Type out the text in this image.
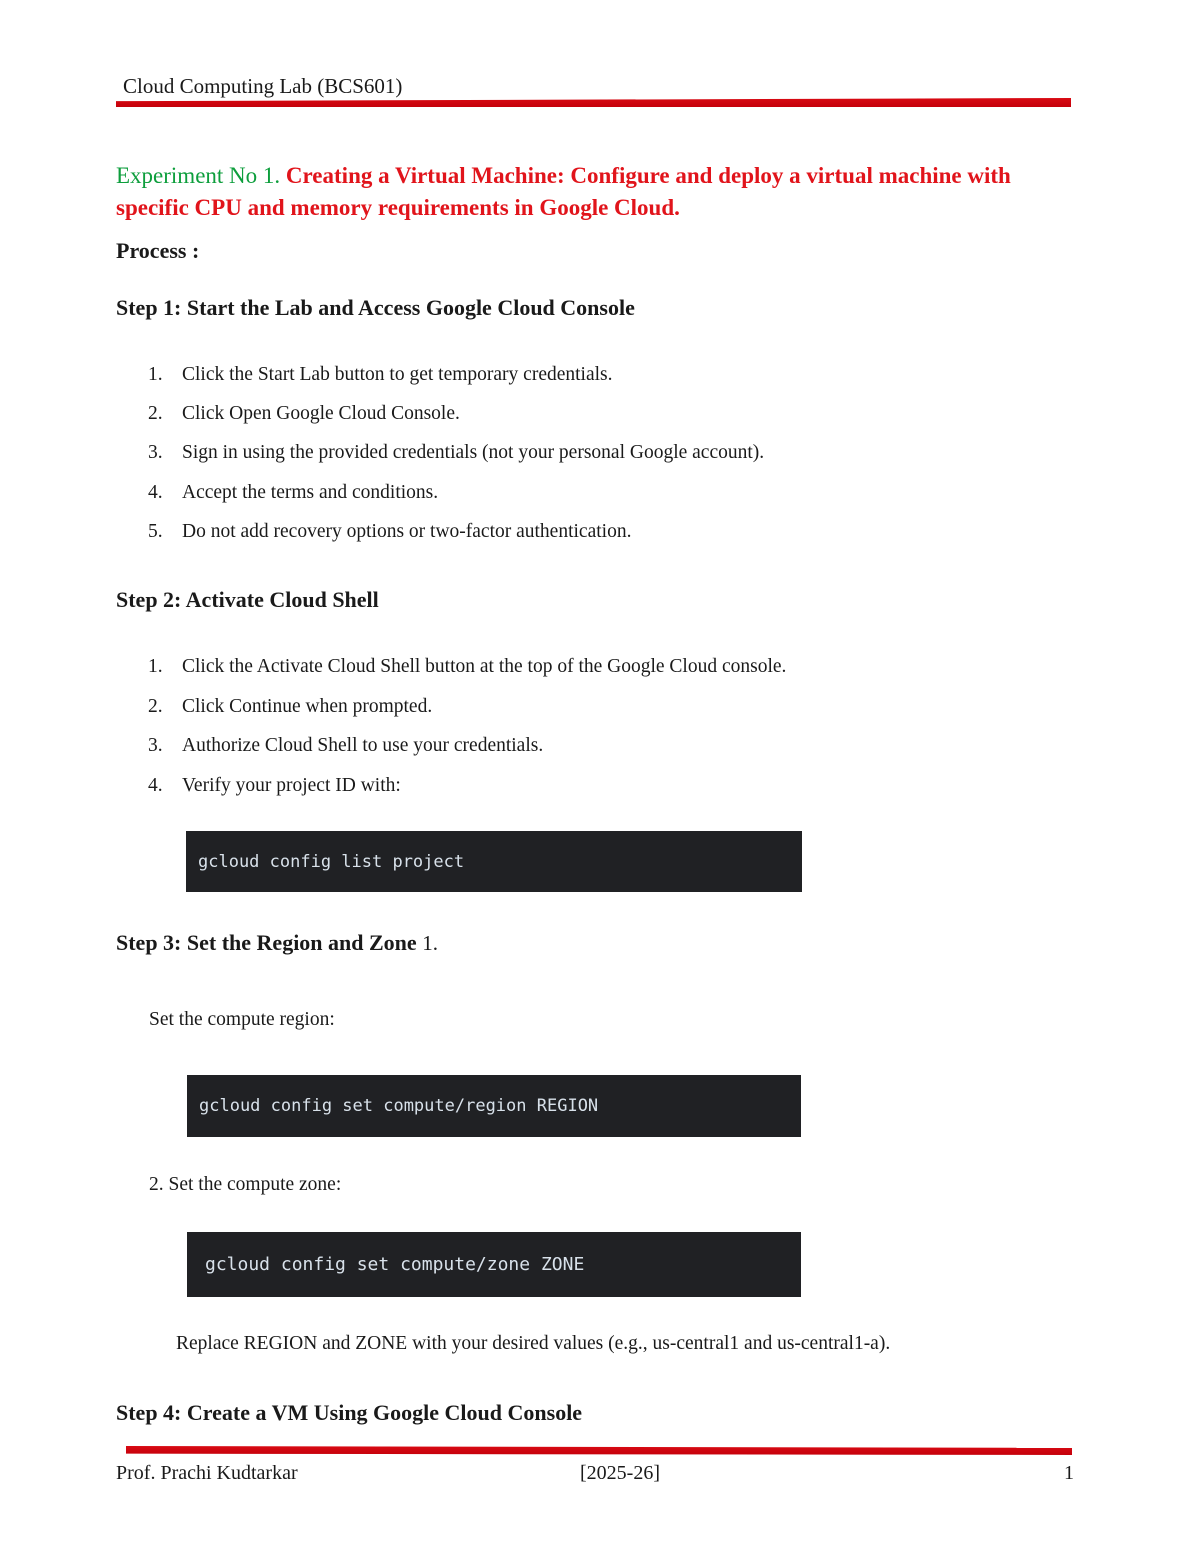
Cloud Computing Lab (BCS601)
Experiment No 1. Creating a Virtual Machine: Configure and deploy a virtual machine with specific CPU and memory requirements in Google Cloud.
Process :
Step 1: Start the Lab and Access Google Cloud Console
1. Click the Start Lab button to get temporary credentials.
2. Click Open Google Cloud Console.
3. Sign in using the provided credentials (not your personal Google account).
4. Accept the terms and conditions.
5. Do not add recovery options or two-factor authentication.
Step 2: Activate Cloud Shell
1. Click the Activate Cloud Shell button at the top of the Google Cloud console.
2. Click Continue when prompted.
3. Authorize Cloud Shell to use your credentials.
4. Verify your project ID with:
gcloud config list project
Step 3: Set the Region and Zone 1.
Set the compute region:
gcloud config set compute/region REGION
2. Set the compute zone:
gcloud config set compute/zone ZONE
Replace REGION and ZONE with your desired values (e.g., us-central1 and us-central1-a).
Step 4: Create a VM Using Google Cloud Console
Prof. Prachi Kudtarkar	[2025-26]	1
